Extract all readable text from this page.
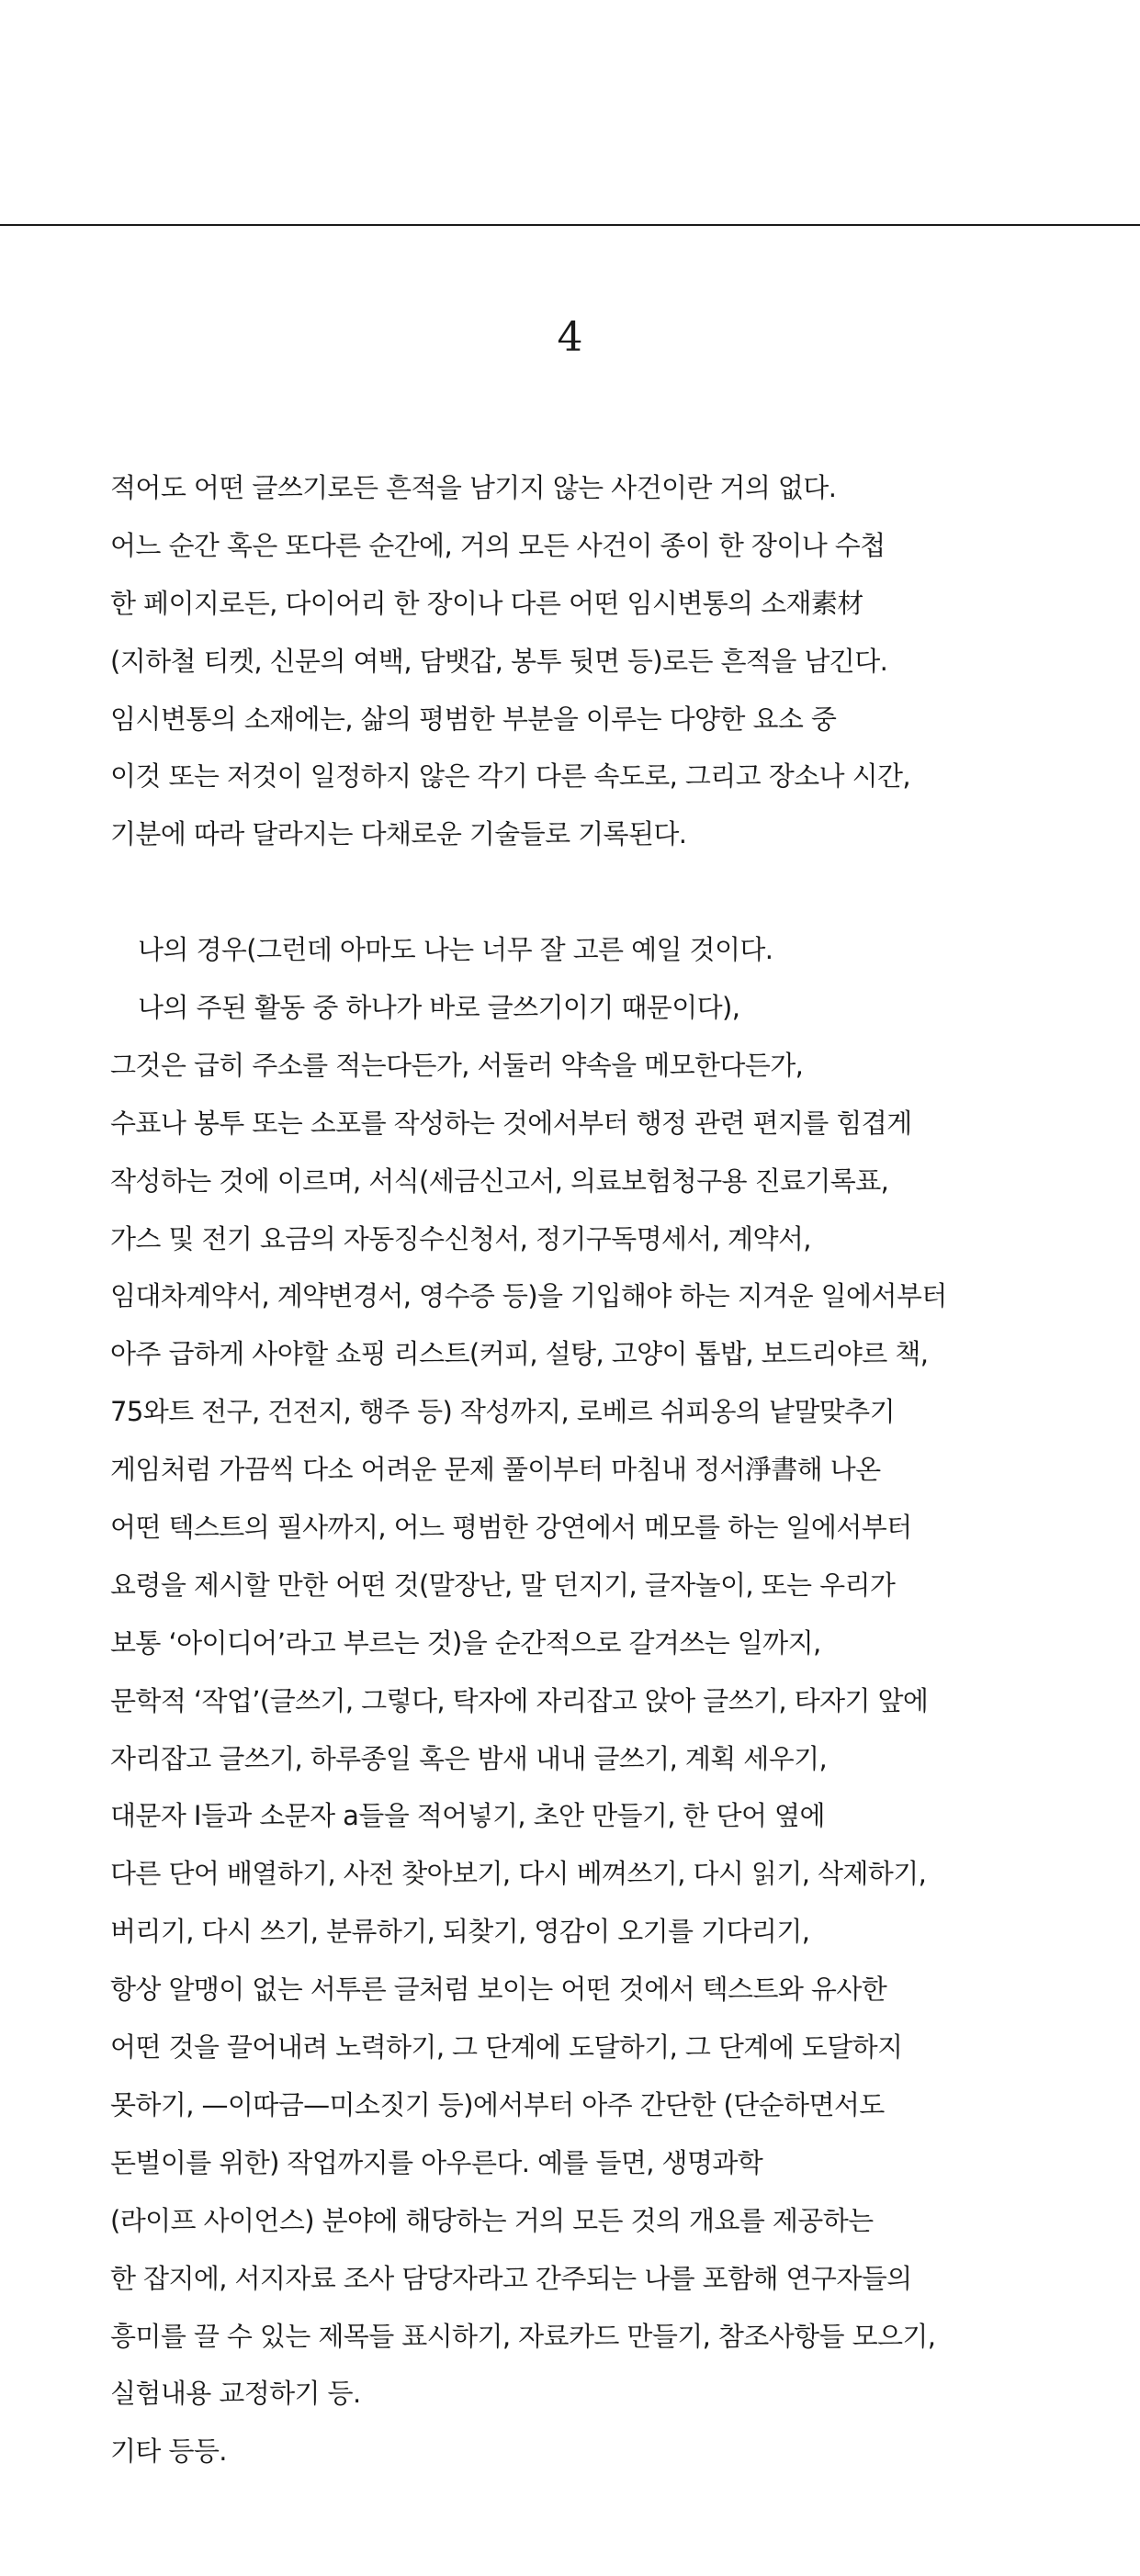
4
적어도 어떤 글쓰기로든 흔적을 남기지 않는 사건이란 거의 없다.
어느 순간 혹은 또다른 순간에, 거의 모든 사건이 종이 한 장이나 수첩
한 페이지로든, 다이어리 한 장이나 다른 어떤 임시변통의 소재素材
(지하철 티켓, 신문의 여백, 담뱃갑, 봉투 뒷면 등)로든 흔적을 남긴다.
임시변통의 소재에는, 삶의 평범한 부분을 이루는 다양한 요소 중
이것 또는 저것이 일정하지 않은 각기 다른 속도로, 그리고 장소나 시간,
기분에 따라 달라지는 다채로운 기술들로 기록된다.
나의 경우(그런데 아마도 나는 너무 잘 고른 예일 것이다.
나의 주된 활동 중 하나가 바로 글쓰기이기 때문이다),
그것은 급히 주소를 적는다든가, 서둘러 약속을 메모한다든가,
수표나 봉투 또는 소포를 작성하는 것에서부터 행정 관련 편지를 힘겹게
작성하는 것에 이르며, 서식(세금신고서, 의료보험청구용 진료기록표,
가스 및 전기 요금의 자동징수신청서, 정기구독명세서, 계약서,
임대차계약서, 계약변경서, 영수증 등)을 기입해야 하는 지겨운 일에서부터
아주 급하게 사야할 쇼핑 리스트(커피, 설탕, 고양이 톱밥, 보드리야르 책,
75와트 전구, 건전지, 행주 등) 작성까지, 로베르 쉬피옹의 낱말맞추기
게임처럼 가끔씩 다소 어려운 문제 풀이부터 마침내 정서淨書해 나온
어떤 텍스트의 필사까지, 어느 평범한 강연에서 메모를 하는 일에서부터
요령을 제시할 만한 어떤 것(말장난, 말 던지기, 글자놀이, 또는 우리가
보통 ‘아이디어’라고 부르는 것)을 순간적으로 갈겨쓰는 일까지,
문학적 ‘작업’(글쓰기, 그렇다, 탁자에 자리잡고 앉아 글쓰기, 타자기 앞에
자리잡고 글쓰기, 하루종일 혹은 밤새 내내 글쓰기, 계획 세우기,
대문자 I들과 소문자 a들을 적어넣기, 초안 만들기, 한 단어 옆에
다른 단어 배열하기, 사전 찾아보기, 다시 베껴쓰기, 다시 읽기, 삭제하기,
버리기, 다시 쓰기, 분류하기, 되찾기, 영감이 오기를 기다리기,
항상 알맹이 없는 서투른 글처럼 보이는 어떤 것에서 텍스트와 유사한
어떤 것을 끌어내려 노력하기, 그 단계에 도달하기, 그 단계에 도달하지
못하기, —이따금—미소짓기 등)에서부터 아주 간단한 (단순하면서도
돈벌이를 위한) 작업까지를 아우른다. 예를 들면, 생명과학
(라이프 사이언스) 분야에 해당하는 거의 모든 것의 개요를 제공하는
한 잡지에, 서지자료 조사 담당자라고 간주되는 나를 포함해 연구자들의
흥미를 끌 수 있는 제목들 표시하기, 자료카드 만들기, 참조사항들 모으기,
실험내용 교정하기 등.
기타 등등.
